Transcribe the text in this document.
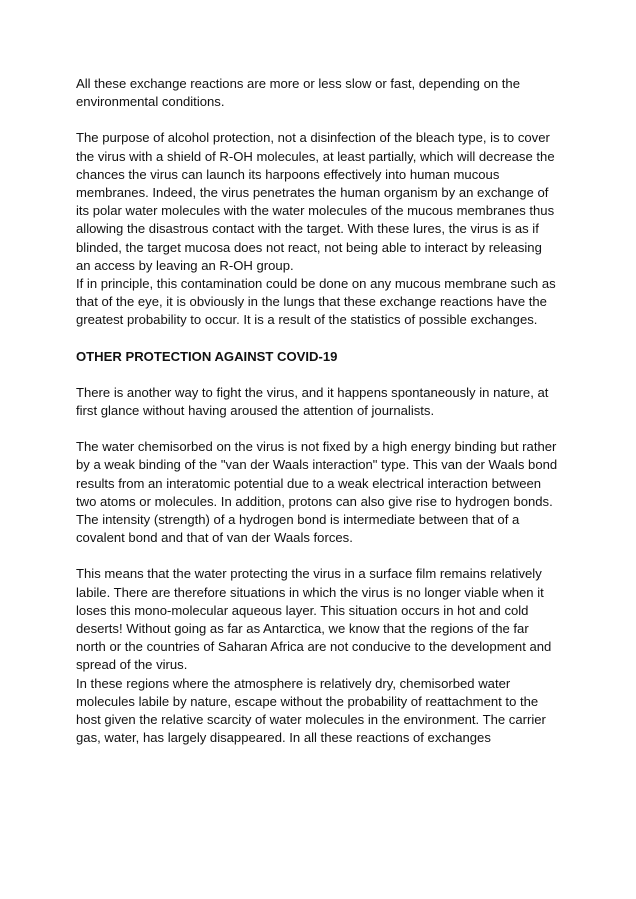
All these exchange reactions are more or less slow or fast, depending on the environmental conditions.

The purpose of alcohol protection, not a disinfection of the bleach type, is to cover the virus with a shield of R-OH molecules, at least partially, which will decrease the chances the virus can launch its harpoons effectively into human mucous membranes. Indeed, the virus penetrates the human organism by an exchange of its polar water molecules with the water molecules of the mucous membranes thus allowing the disastrous contact with the target. With these lures, the virus is as if blinded, the target mucosa does not react, not being able to interact by releasing an access by leaving an R-OH group.

If in principle, this contamination could be done on any mucous membrane such as that of the eye, it is obviously in the lungs that these exchange reactions have the greatest probability to occur. It is a result of the statistics of possible exchanges.

OTHER PROTECTION AGAINST COVID-19

There is another way to fight the virus, and it happens spontaneously in nature, at first glance without having aroused the attention of journalists.

The water chemisorbed on the virus is not fixed by a high energy binding but rather by a weak binding of the "van der Waals interaction" type. This van der Waals bond results from an interatomic potential due to a weak electrical interaction between two atoms or molecules. In addition, protons can also give rise to hydrogen bonds. The intensity (strength) of a hydrogen bond is intermediate between that of a covalent bond and that of van der Waals forces.

This means that the water protecting the virus in a surface film remains relatively labile. There are therefore situations in which the virus is no longer viable when it loses this mono-molecular aqueous layer. This situation occurs in hot and cold deserts! Without going as far as Antarctica, we know that the regions of the far north or the countries of Saharan Africa are not conducive to the development and spread of the virus.

In these regions where the atmosphere is relatively dry, chemisorbed water molecules labile by nature, escape without the probability of reattachment to the host given the relative scarcity of water molecules in the environment. The carrier gas, water, has largely disappeared. In all these reactions of exchanges
